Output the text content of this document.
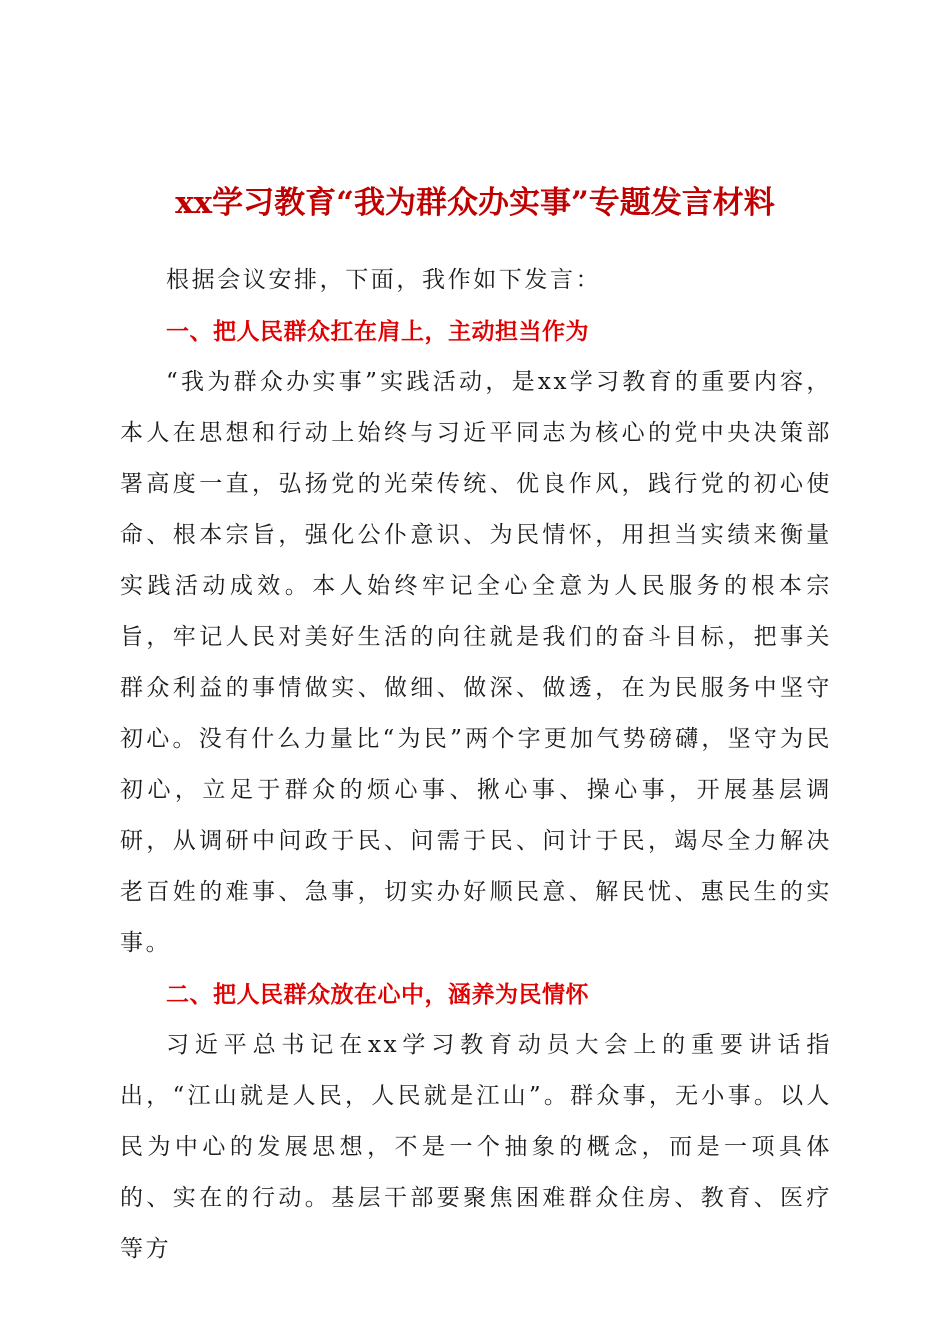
xx学习教育“我为群众办实事”专题发言材料

根据会议安排，下面，我作如下发言：

一、把人民群众扛在肩上，主动担当作为

“我为群众办实事”实践活动，是xx学习教育的重要内容，本人在思想和行动上始终与习近平同志为核心的党中央决策部署高度一直，弘扬党的光荣传统、优良作风，践行党的初心使命、根本宗旨，强化公仆意识、为民情怀，用担当实绩来衡量实践活动成效。本人始终牢记全心全意为人民服务的根本宗旨，牢记人民对美好生活的向往就是我们的奋斗目标，把事关群众利益的事情做实、做细、做深、做透，在为民服务中坚守初心。没有什么力量比“为民”两个字更加气势磅礴，坚守为民初心，立足于群众的烦心事、揪心事、操心事，开展基层调研，从调研中问政于民、问需于民、问计于民，竭尽全力解决老百姓的难事、急事，切实办好顺民意、解民忧、惠民生的实事。

二、把人民群众放在心中，涵养为民情怀

习近平总书记在xx学习教育动员大会上的重要讲话指出，“江山就是人民，人民就是江山”。群众事，无小事。以人民为中心的发展思想，不是一个抽象的概念，而是一项具体的、实在的行动。基层干部要聚焦困难群众住房、教育、医疗等方
